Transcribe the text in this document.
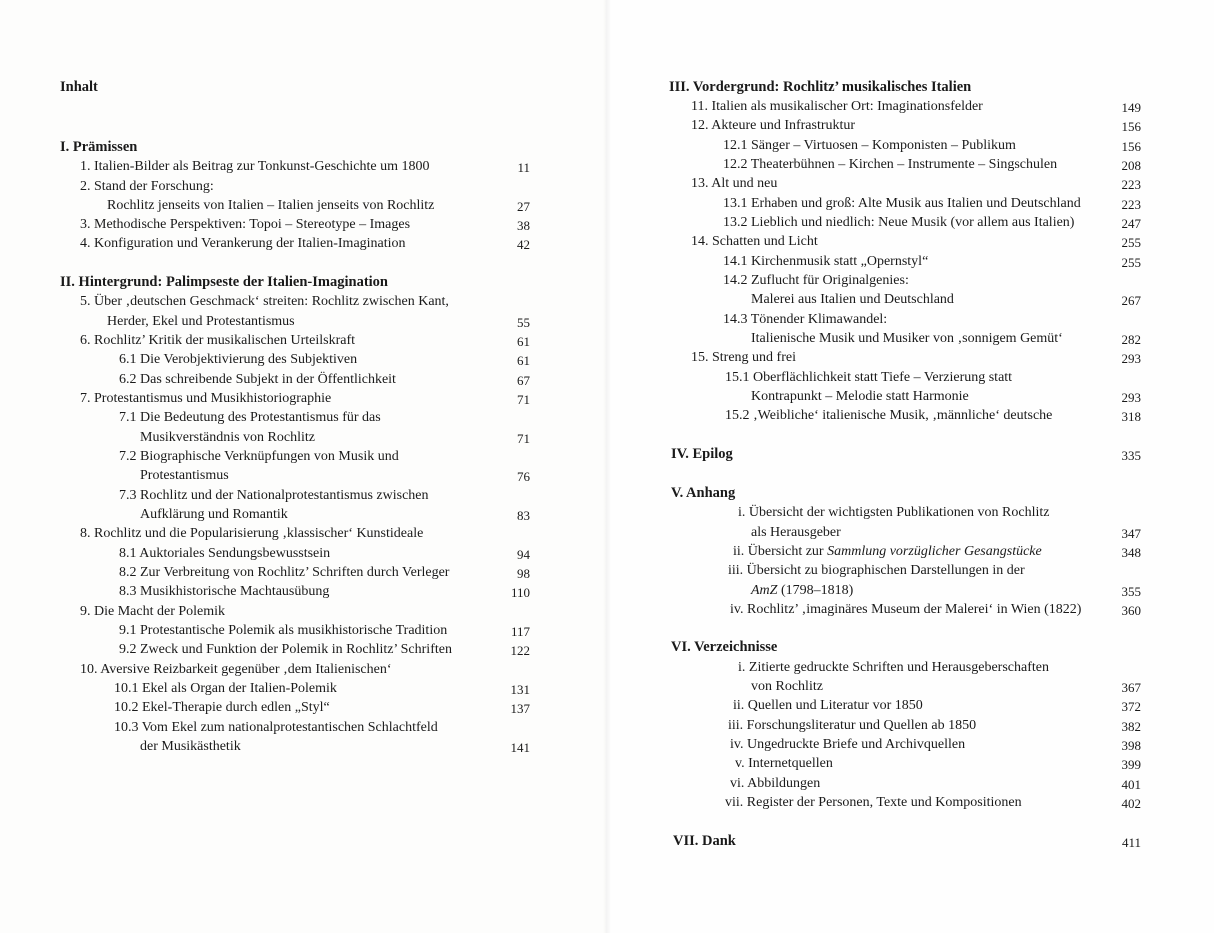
Inhalt
I. Prämissen
1. Italien-Bilder als Beitrag zur Tonkunst-Geschichte um 1800	11
2. Stand der Forschung:
Rochlitz jenseits von Italien – Italien jenseits von Rochlitz	27
3. Methodische Perspektiven: Topoi – Stereotype – Images	38
4. Konfiguration und Verankerung der Italien-Imagination	42
II. Hintergrund: Palimpseste der Italien-Imagination
5. Über ‚deutschen Geschmack‘ streiten: Rochlitz zwischen Kant,
Herder, Ekel und Protestantismus	55
6. Rochlitz’ Kritik der musikalischen Urteilskraft	61
6.1 Die Verobjektivierung des Subjektiven	61
6.2 Das schreibende Subjekt in der Öffentlichkeit	67
7. Protestantismus und Musikhistoriographie	71
7.1 Die Bedeutung des Protestantismus für das
Musikverständnis von Rochlitz	71
7.2 Biographische Verknüpfungen von Musik und
Protestantismus	76
7.3 Rochlitz und der Nationalprotestantismus zwischen
Aufklärung und Romantik	83
8. Rochlitz und die Popularisierung ‚klassischer‘ Kunstideale
8.1 Auktoriales Sendungsbewusstsein	94
8.2 Zur Verbreitung von Rochlitz’ Schriften durch Verleger	98
8.3 Musikhistorische Machtausübung	110
9. Die Macht der Polemik
9.1 Protestantische Polemik als musikhistorische Tradition	117
9.2 Zweck und Funktion der Polemik in Rochlitz’ Schriften	122
10. Aversive Reizbarkeit gegenüber ‚dem Italienischen‘
10.1 Ekel als Organ der Italien-Polemik	131
10.2 Ekel-Therapie durch edlen „Styl“	137
10.3 Vom Ekel zum nationalprotestantischen Schlachtfeld
der Musikästhetik	141
III. Vordergrund: Rochlitz’ musikalisches Italien
11. Italien als musikalischer Ort: Imaginationsfelder	149
12. Akteure und Infrastruktur	156
12.1 Sänger – Virtuosen – Komponisten – Publikum	156
12.2 Theaterbühnen – Kirchen – Instrumente – Singschulen	208
13. Alt und neu	223
13.1 Erhaben und groß: Alte Musik aus Italien und Deutschland	223
13.2 Lieblich und niedlich: Neue Musik (vor allem aus Italien)	247
14. Schatten und Licht	255
14.1 Kirchenmusik statt „Opernstyl“	255
14.2 Zuflucht für Originalgenies:
Malerei aus Italien und Deutschland	267
14.3 Tönender Klimawandel:
Italienische Musik und Musiker von ‚sonnigem Gemüt‘	282
15. Streng und frei	293
15.1 Oberflächlichkeit statt Tiefe – Verzierung statt
Kontrapunkt – Melodie statt Harmonie	293
15.2 ‚Weibliche‘ italienische Musik, ‚männliche‘ deutsche	318
IV. Epilog	335
V. Anhang
i. Übersicht der wichtigsten Publikationen von Rochlitz
als Herausgeber	347
ii. Übersicht zur Sammlung vorzüglicher Gesangstücke	348
iii. Übersicht zu biographischen Darstellungen in der
AmZ (1798–1818)	355
iv. Rochlitz’ ‚imaginäres Museum der Malerei‘ in Wien (1822)	360
VI. Verzeichnisse
i. Zitierte gedruckte Schriften und Herausgeberschaften
von Rochlitz	367
ii. Quellen und Literatur vor 1850	372
iii. Forschungsliteratur und Quellen ab 1850	382
iv. Ungedruckte Briefe und Archivquellen	398
v. Internetquellen	399
vi. Abbildungen	401
vii. Register der Personen, Texte und Kompositionen	402
VII. Dank	411
